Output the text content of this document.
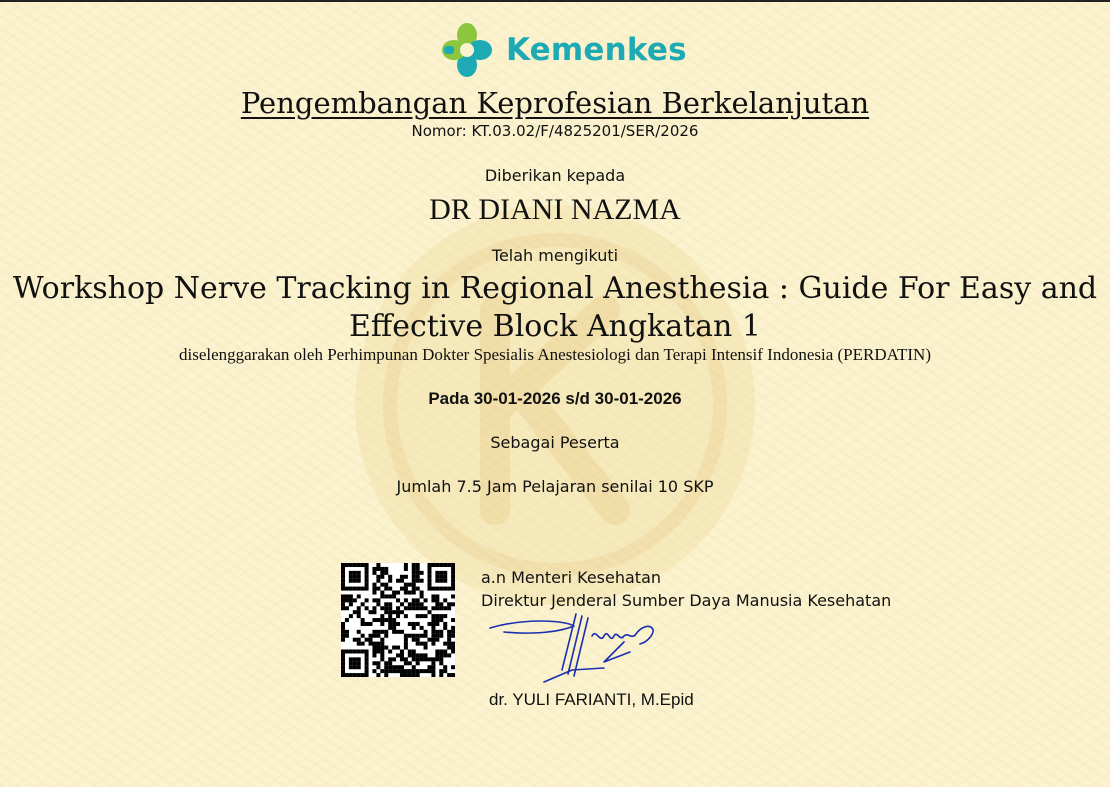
Kemenkes
Pengembangan Keprofesian Berkelanjutan
Nomor: KT.03.02/F/4825201/SER/2026
Diberikan kepada
DR DIANI NAZMA
Telah mengikuti
Workshop Nerve Tracking in Regional Anesthesia : Guide For Easy and
Effective Block Angkatan 1
diselenggarakan oleh Perhimpunan Dokter Spesialis Anestesiologi dan Terapi Intensif Indonesia (PERDATIN)
Pada 30-01-2026 s/d 30-01-2026
Sebagai Peserta
Jumlah 7.5 Jam Pelajaran senilai 10 SKP
a.n Menteri Kesehatan
Direktur Jenderal Sumber Daya Manusia Kesehatan
dr. YULI FARIANTI, M.Epid
